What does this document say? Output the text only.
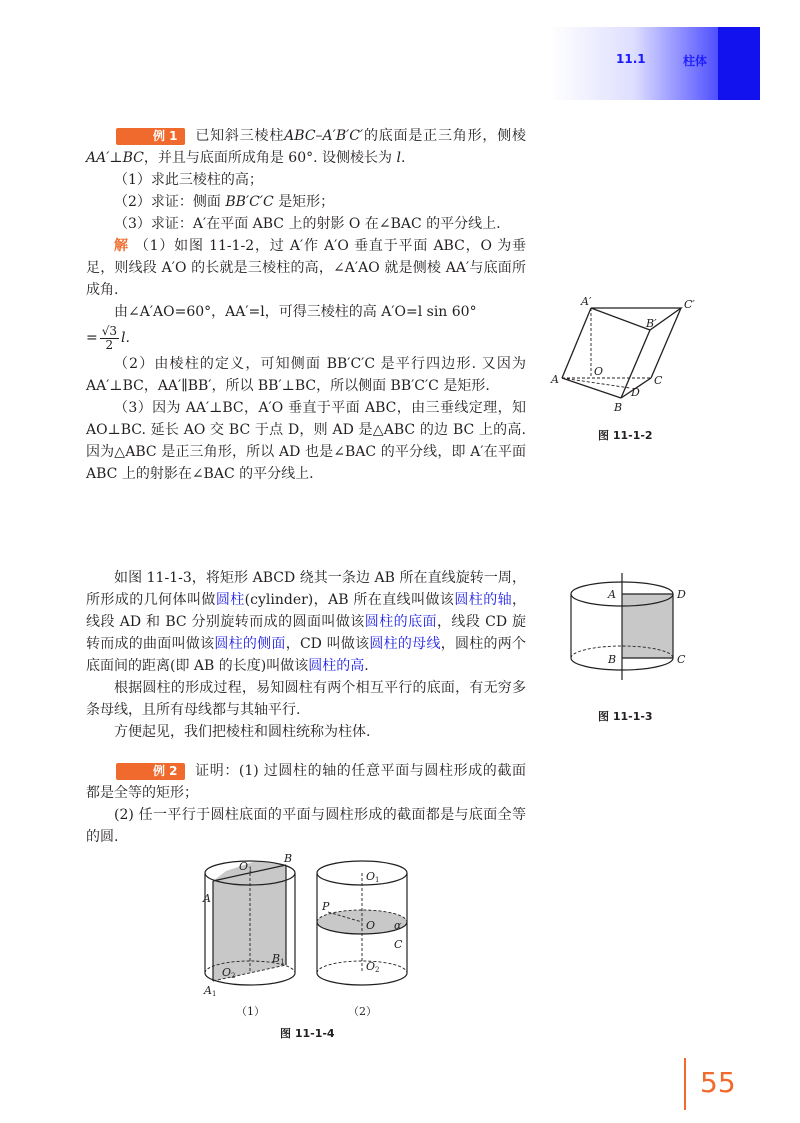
11.1	柱体

例 1 已知斜三棱柱ABC–A′B′C′的底面是正三角形，侧棱AA′⊥BC，并且与底面所成角是 60°. 设侧棱长为 l.

（1）求此三棱柱的高；

（2）求证：侧面 BB′C′C 是矩形；

（3）求证：A′在平面 ABC 上的射影 O 在∠BAC 的平分线上.

解 （1）如图 11-1-2，过 A′作 A′O 垂直于平面 ABC，O 为垂足，则线段 A′O 的长就是三棱柱的高，∠A′AO 就是侧棱 AA′与底面所成角.

由∠A′AO=60°，AA′=l，可得三棱柱的高 A′O=l sin 60°

= $\frac{√3}{2} l$.

（2）由棱柱的定义，可知侧面 BB′C′C 是平行四边形. 又因为 AA′⊥BC，AA′∥BB′，所以 BB′⊥BC，所以侧面 BB′C′C 是矩形.

（3）因为 AA′⊥BC，A′O 垂直于平面 ABC，由三垂线定理，知 AO⊥BC. 延长 AO 交 BC 于点 D，则 AD 是△ABC 的边 BC 上的高. 因为△ABC 是正三角形，所以 AD 也是∠BAC 的平分线，即 A′在平面 ABC 上的射影在∠BAC 的平分线上.

如图 11-1-3，将矩形 ABCD 绕其一条边 AB 所在直线旋转一周，所形成的几何体叫做圆柱(cylinder)，AB 所在直线叫做该圆柱的轴，线段 AD 和 BC 分别旋转而成的圆面叫做该圆柱的底面，线段 CD 旋转而成的曲面叫做该圆柱的侧面，CD 叫做该圆柱的母线，圆柱的两个底面间的距离(即 AB 的长度)叫做该圆柱的高.

根据圆柱的形成过程，易知圆柱有两个相互平行的底面，有无穷多条母线，且所有母线都与其轴平行.

方便起见，我们把棱柱和圆柱统称为柱体.

例 2 证明：(1) 过圆柱的轴的任意平面与圆柱形成的截面都是全等的矩形；

(2) 任一平行于圆柱底面的平面与圆柱形成的截面都是与底面全等的圆.

A′	C′
B′
O
A	C
D
B
图 11-1-2
A	D
B	C
图 11-1-3
O1
B
A
B1
O2
A1
（1）
O1
P
O α
C
O2
（2）
图 11-1-4
55
